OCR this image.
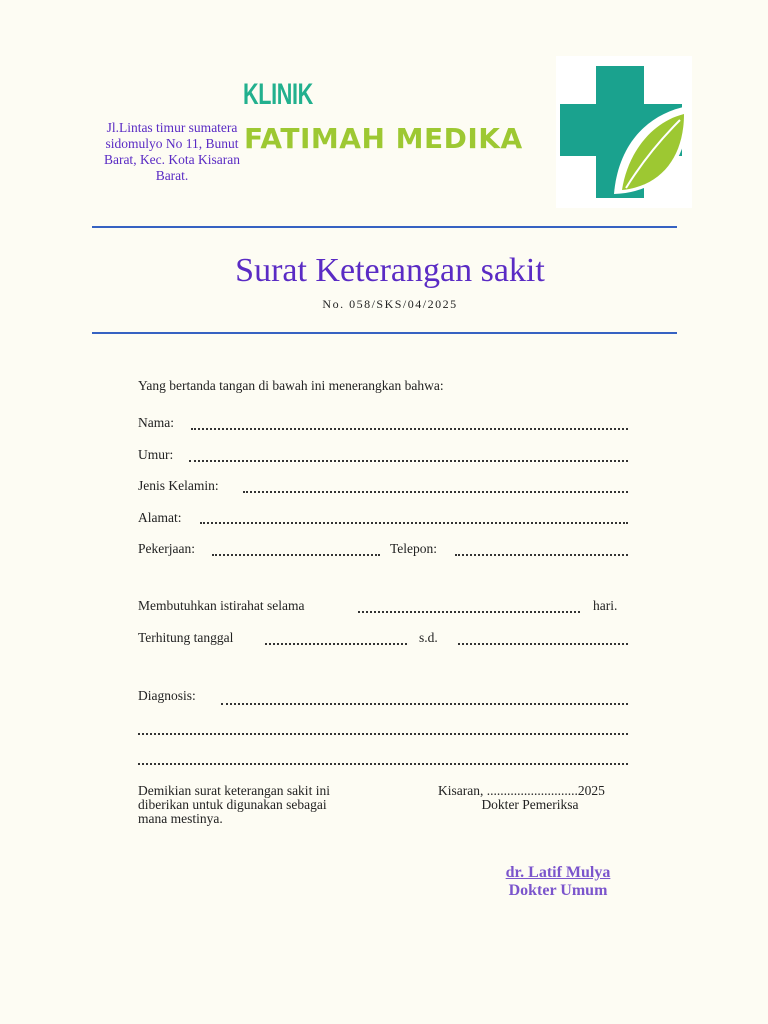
Jl.Lintas timur sumatera sidomulyo No 11, Bunut Barat, Kec. Kota Kisaran Barat.
KLINIK
FATIMAH MEDIKA
Surat Keterangan sakit
No. 058/SKS/04/2025
Yang bertanda tangan di bawah ini menerangkan bahwa:
Nama:
Umur:
Jenis Kelamin:
Alamat:
Pekerjaan:	Telepon:
Membutuhkan istirahat selama	hari.
Terhitung tanggal	s.d.
Diagnosis:
Demikian surat keterangan sakit ini
diberikan untuk digunakan sebagai
mana mestinya.
Kisaran, ...........................2025
Dokter Pemeriksa
dr. Latif Mulya
Dokter Umum
